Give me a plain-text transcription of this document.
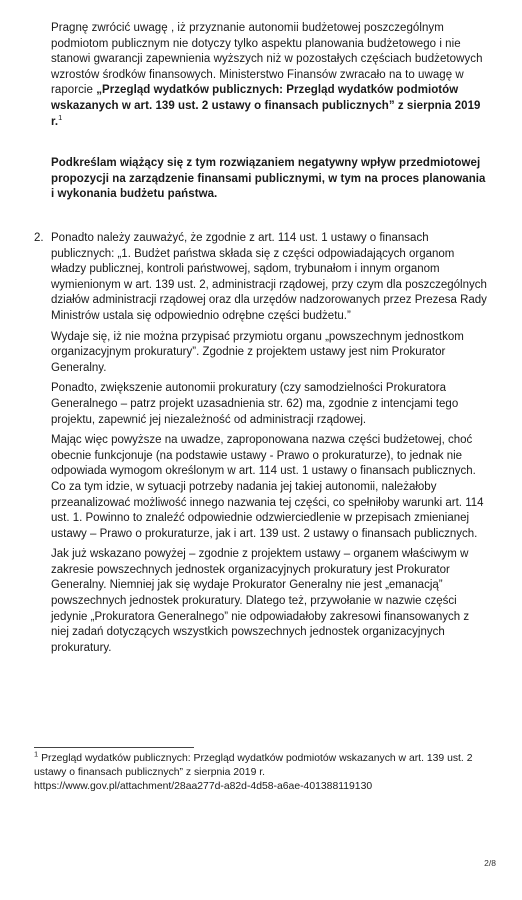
Pragnę zwrócić uwagę , iż przyznanie autonomii budżetowej poszczególnym podmiotom publicznym nie dotyczy tylko aspektu planowania budżetowego i nie stanowi gwarancji zapewnienia wyższych niż w pozostałych częściach budżetowych wzrostów środków finansowych. Ministerstwo Finansów zwracało na to uwagę w raporcie „Przegląd wydatków publicznych: Przegląd wydatków podmiotów wskazanych w art. 139 ust. 2 ustawy o finansach publicznych” z sierpnia 2019 r.$^1$

Podkreślam wiążący się z tym rozwiązaniem negatywny wpływ przedmiotowej propozycji na zarządzenie finansami publicznymi, w tym na proces planowania i wykonania budżetu państwa.

2. Ponadto należy zauważyć, że zgodnie z art. 114 ust. 1 ustawy o finansach publicznych: „1. Budżet państwa składa się z części odpowiadających organom władzy publicznej, kontroli państwowej, sądom, trybunałom i innym organom wymienionym w art. 139 ust. 2, administracji rządowej, przy czym dla poszczególnych działów administracji rządowej oraz dla urzędów nadzorowanych przez Prezesa Rady Ministrów ustala się odpowiednio odrębne części budżetu.”

Wydaje się, iż nie można przypisać przymiotu organu „powszechnym jednostkom organizacyjnym prokuratury”. Zgodnie z projektem ustawy jest nim Prokurator Generalny.

Ponadto, zwiększenie autonomii prokuratury (czy samodzielności Prokuratora Generalnego – patrz projekt uzasadnienia str. 62) ma, zgodnie z intencjami tego projektu, zapewnić jej niezależność od administracji rządowej.

Mając więc powyższe na uwadze, zaproponowana nazwa części budżetowej, choć obecnie funkcjonuje (na podstawie ustawy - Prawo o prokuraturze), to jednak nie odpowiada wymogom określonym w art. 114 ust. 1 ustawy o finansach publicznych. Co za tym idzie, w sytuacji potrzeby nadania jej takiej autonomii, należałoby przeanalizować możliwość innego nazwania tej części, co spełniłoby warunki art. 114 ust. 1. Powinno to znaleźć odpowiednie odzwierciedlenie w przepisach zmienianej ustawy – Prawo o prokuraturze, jak i art. 139 ust. 2 ustawy o finansach publicznych.

Jak już wskazano powyżej – zgodnie z projektem ustawy – organem właściwym w zakresie powszechnych jednostek organizacyjnych prokuratury jest Prokurator Generalny. Niemniej jak się wydaje Prokurator Generalny nie jest „emanacją” powszechnych jednostek prokuratury. Dlatego też, przywołanie w nazwie części jedynie „Prokuratora Generalnego” nie odpowiadałoby zakresowi finansowanych z niej zadań dotyczących wszystkich powszechnych jednostek organizacyjnych prokuratury.

$^1$ Przegląd wydatków publicznych: Przegląd wydatków podmiotów wskazanych w art. 139 ust. 2 ustawy o finansach publicznych” z sierpnia 2019 r.

https://www.gov.pl/attachment/28aa277d-a82d-4d58-a6ae-401388119130

2/8
